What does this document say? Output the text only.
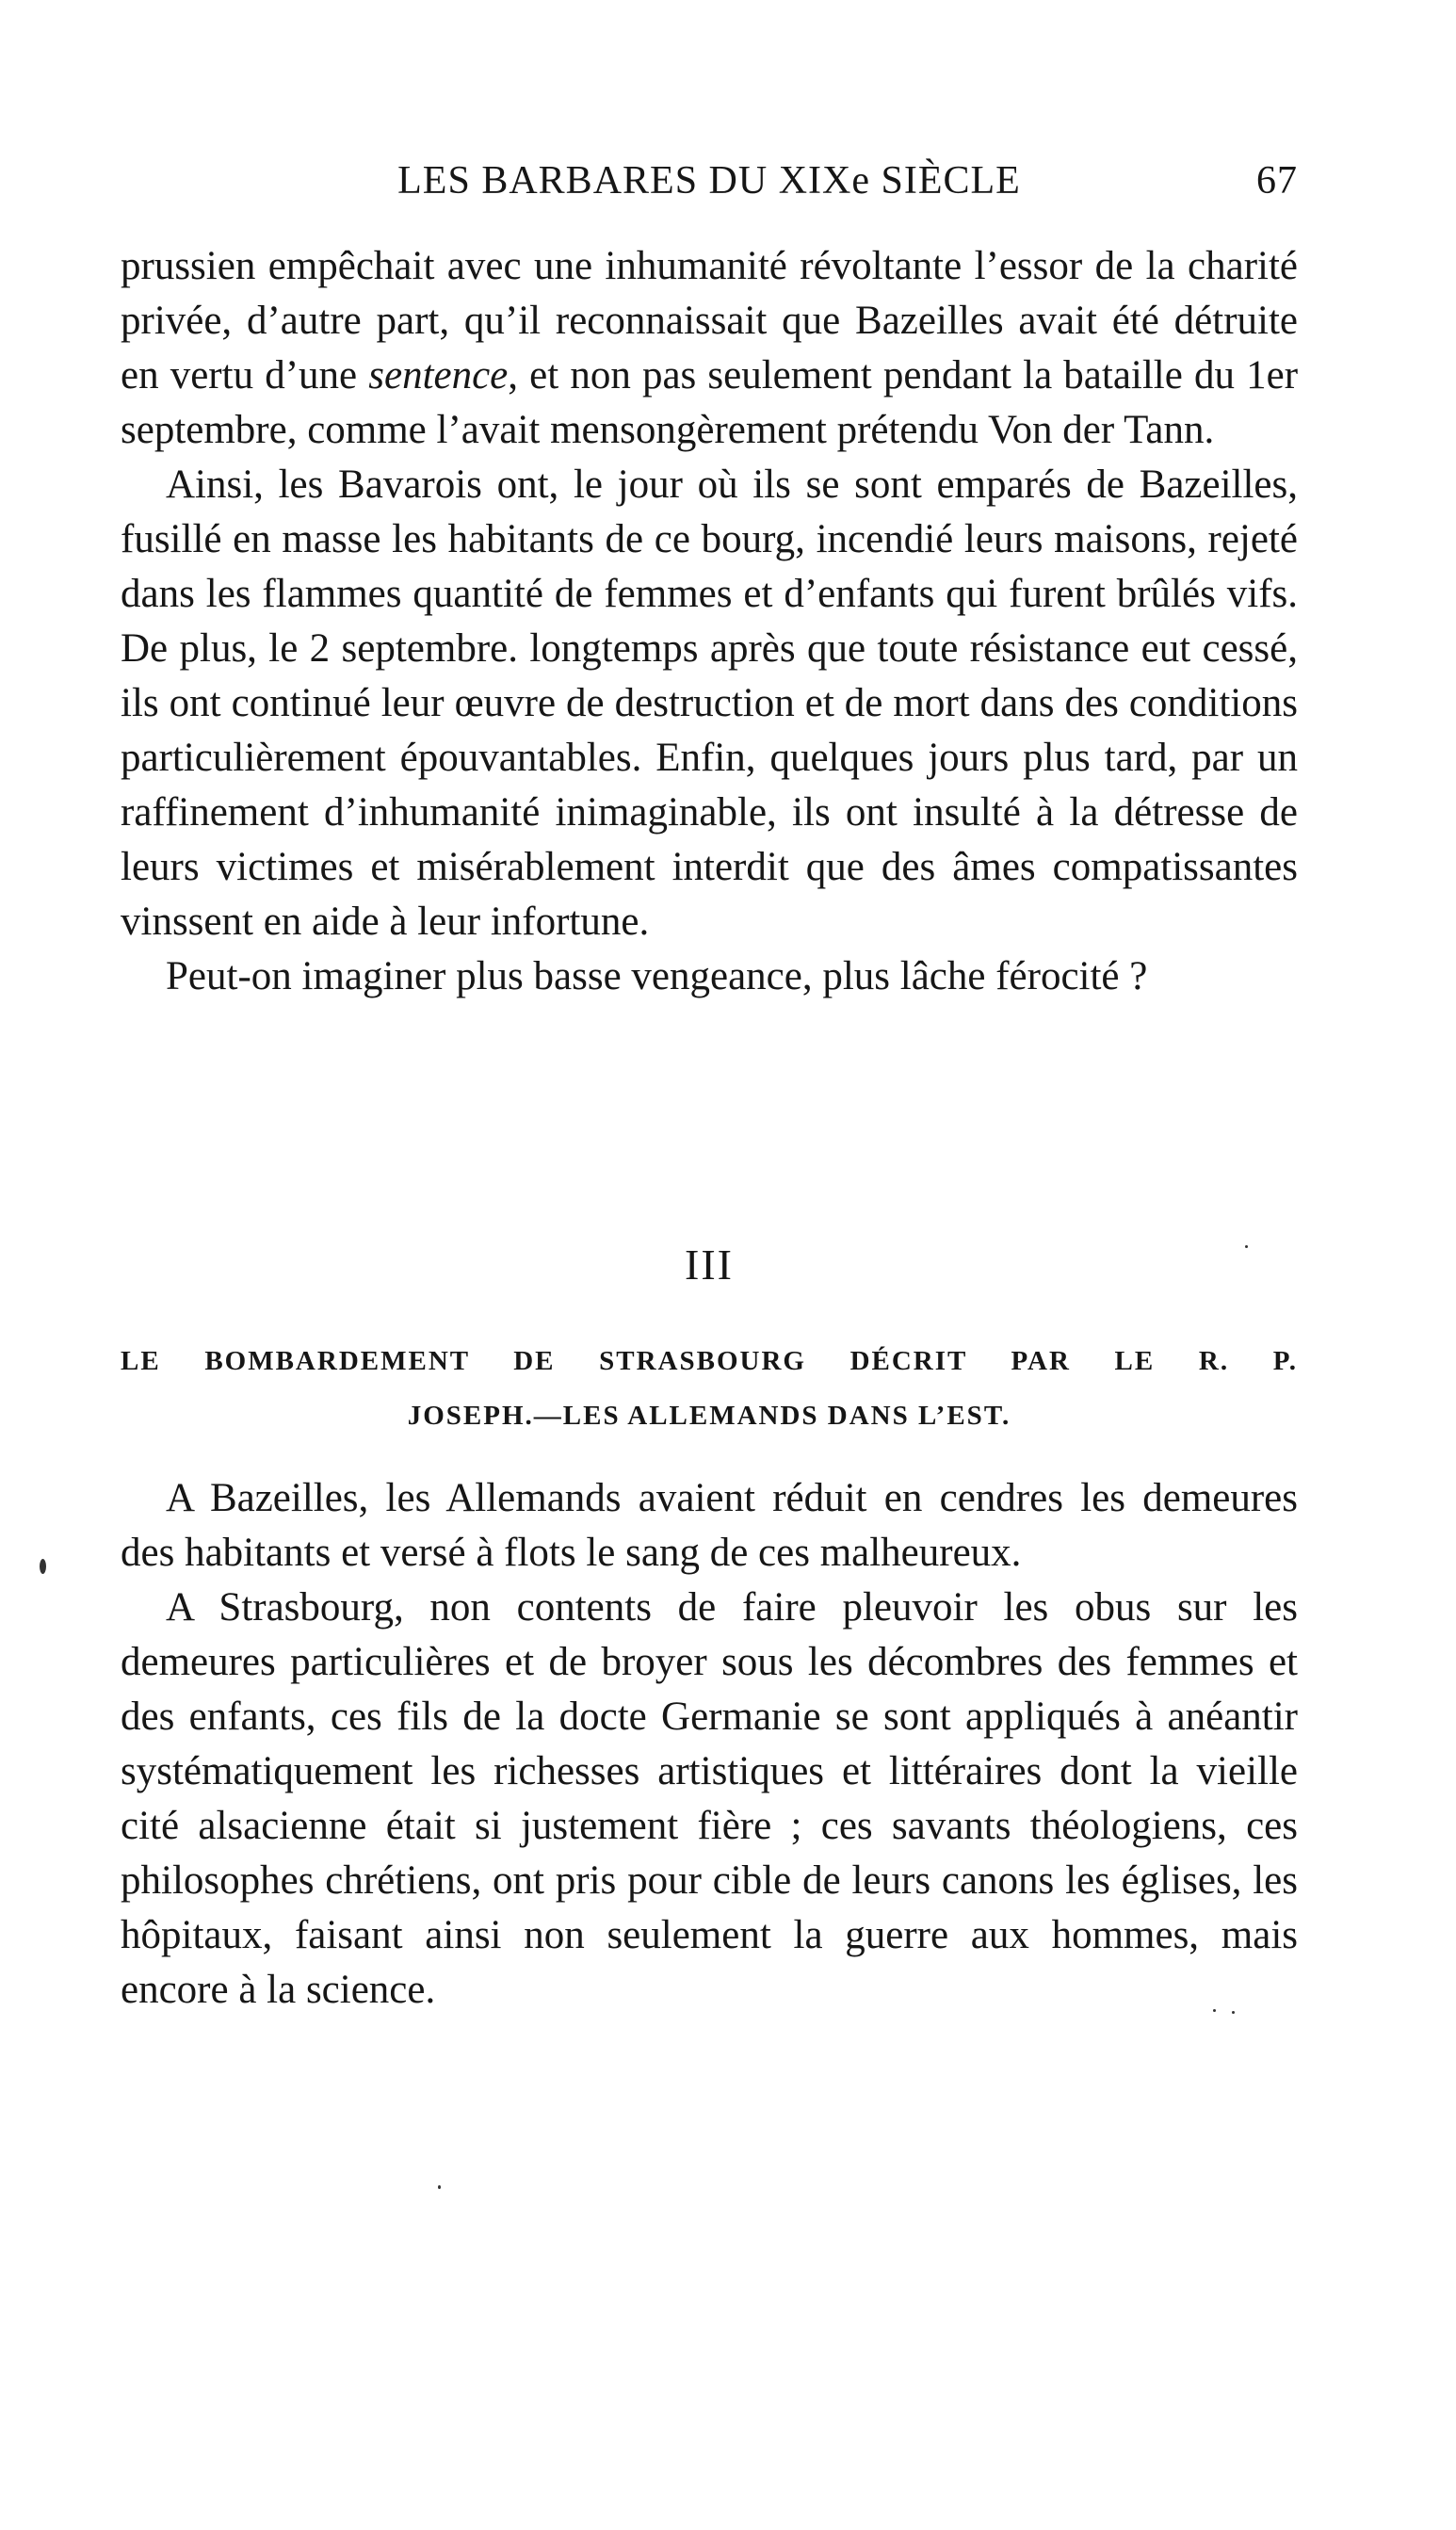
LES BARBARES DU XIXe SIÈCLE	67

prussien empêchait avec une inhumanité révoltante l’essor de la charité privée, d’autre part, qu’il reconnaissait que Bazeilles avait été détruite en vertu d’une sentence, et non pas seulement pendant la bataille du 1er septembre, comme l’avait mensongèrement prétendu Von der Tann.

Ainsi, les Bavarois ont, le jour où ils se sont emparés de Bazeilles, fusillé en masse les habitants de ce bourg, incendié leurs maisons, rejeté dans les flammes quantité de femmes et d’enfants qui furent brûlés vifs. De plus, le 2 septembre. longtemps après que toute résistance eut cessé, ils ont continué leur œuvre de destruction et de mort dans des conditions particulièrement épouvantables. Enfin, quelques jours plus tard, par un raffinement d’inhumanité inimaginable, ils ont insulté à la détresse de leurs victimes et misérablement interdit que des âmes compatissantes vinssent en aide à leur infortune.

Peut-on imaginer plus basse vengeance, plus lâche férocité ?

III
LE BOMBARDEMENT DE STRASBOURG DÉCRIT PAR LE R. P.
JOSEPH.—LES ALLEMANDS DANS L’EST.

A Bazeilles, les Allemands avaient réduit en cendres les demeures des habitants et versé à flots le sang de ces malheureux.

A Strasbourg, non contents de faire pleuvoir les obus sur les demeures particulières et de broyer sous les décombres des femmes et des enfants, ces fils de la docte Germanie se sont appliqués à anéantir systématiquement les richesses artistiques et littéraires dont la vieille cité alsacienne était si justement fière ; ces savants théologiens, ces philosophes chrétiens, ont pris pour cible de leurs canons les églises, les hôpitaux, faisant ainsi non seulement la guerre aux hommes, mais encore à la science.
